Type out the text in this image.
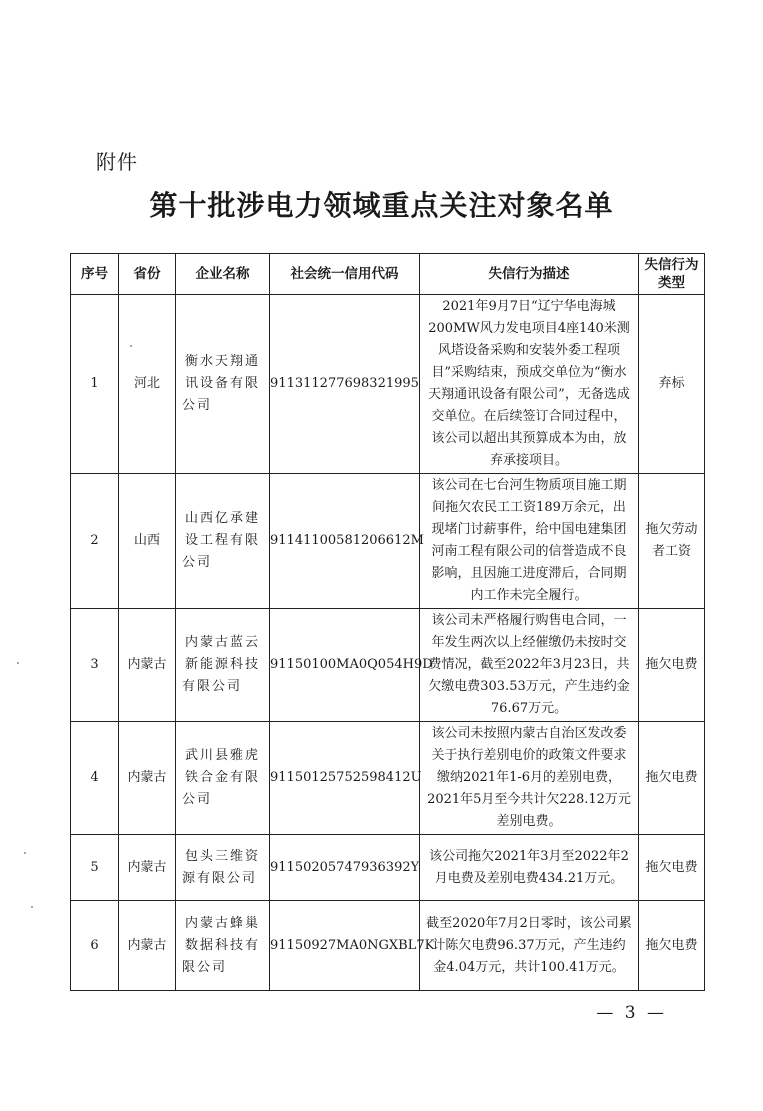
附件
第十批涉电力领域重点关注对象名单
序号	省份	企业名称	社会统一信用代码	失信行为描述	失信行为类型
1	河北	衡水天翔通讯设备有限公司	911311277698321995	2021年9月7日“辽宁华电海城200MW风力发电项目4座140米测风塔设备采购和安装外委工程项目”采购结束，预成交单位为“衡水天翔通讯设备有限公司”，无备选成交单位。在后续签订合同过程中，该公司以超出其预算成本为由，放弃承接项目。	弃标
2	山西	山西亿承建设工程有限公司	91141100581206612M	该公司在七台河生物质项目施工期间拖欠农民工工资189万余元，出现堵门讨薪事件，给中国电建集团河南工程有限公司的信誉造成不良影响，且因施工进度滞后，合同期内工作未完全履行。	拖欠劳动者工资
3	内蒙古	内蒙古蓝云新能源科技有限公司	91150100MA0Q054H9D	该公司未严格履行购售电合同，一年发生两次以上经催缴仍未按时交费情况，截至2022年3月23日，共欠缴电费303.53万元，产生违约金76.67万元。	拖欠电费
4	内蒙古	武川县雅虎铁合金有限公司	91150125752598412U	该公司未按照内蒙古自治区发改委关于执行差别电价的政策文件要求缴纳2021年1-6月的差别电费，2021年5月至今共计欠228.12万元差别电费。	拖欠电费
5	内蒙古	包头三维资源有限公司	91150205747936392Y	该公司拖欠2021年3月至2022年2月电费及差别电费434.21万元。	拖欠电费
6	内蒙古	内蒙古蜂巢数据科技有限公司	91150927MA0NGXBL7K	截至2020年7月2日零时，该公司累计陈欠电费96.37万元，产生违约金4.04万元，共计100.41万元。	拖欠电费
— 3 —
